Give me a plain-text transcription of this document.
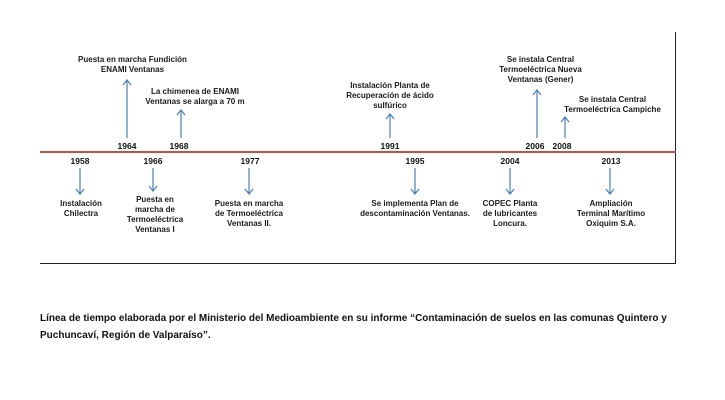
1964	1968	1991	2006 2008
1958	1966	1977	1995	2004	2013
Puesta en marcha Fundición ENAMI Ventanas
La chimenea de ENAMI Ventanas se alarga a 70 m
Instalación Planta de Recuperación de ácido sulfúrico
Se instala Central Termoeléctrica Nueva Ventanas (Gener)
Se instala Central Termoeléctrica Campiche
Instalación Chilectra
Puesta en marcha de Termoeléctrica Ventanas I
Puesta en marcha de Termoeléctrica Ventanas II.
Se implementa Plan de descontaminación Ventanas.
COPEC Planta de lubricantes Loncura.
Ampliación Terminal Marítimo Oxiquim S.A.
Línea de tiempo elaborada por el Ministerio del Medioambiente en su informe “Contaminación de suelos en las comunas Quintero y Puchuncaví, Región de Valparaíso”.
